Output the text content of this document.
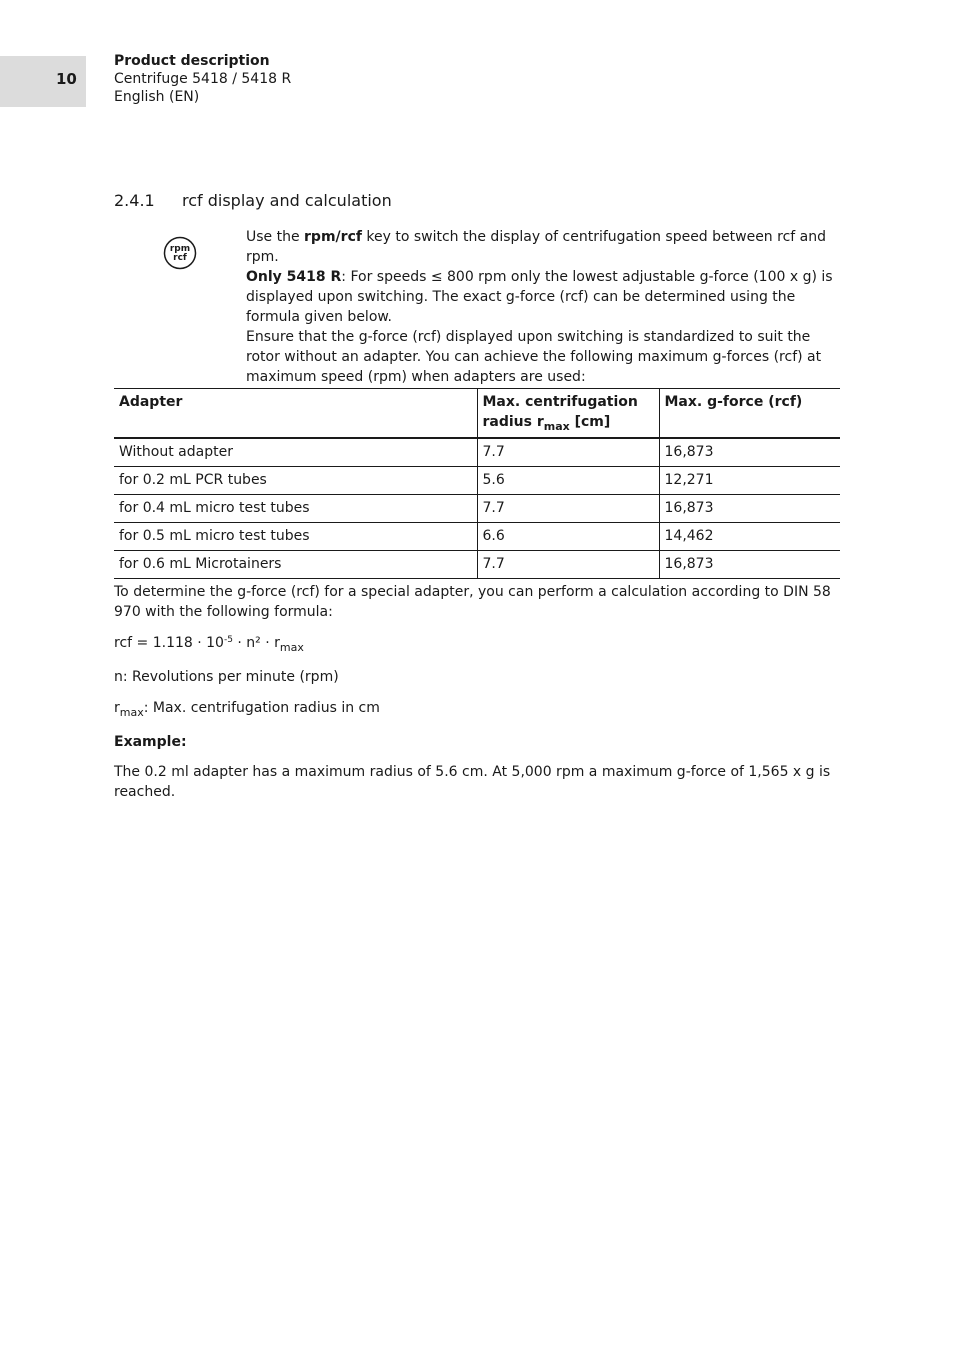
10
Product description
Centrifuge 5418 / 5418 R
English (EN)
2.4.1 rcf display and calculation
rpm
rcf

Use the rpm/rcf key to switch the display of centrifugation speed between rcf and rpm.

Only 5418 R: For speeds ≤ 800 rpm only the lowest adjustable g-force (100 x g) is displayed upon switching. The exact g-force (rcf) can be determined using the formula given below.

Ensure that the g-force (rcf) displayed upon switching is standardized to suit the rotor without an adapter. You can achieve the following maximum g-forces (rcf) at maximum speed (rpm) when adapters are used:

Adapter	Max. centrifugation radius $r_{max}$ [cm]	Max. g-force (rcf)
Without adapter	7.7	16,873
for 0.2 mL PCR tubes	5.6	12,271
for 0.4 mL micro test tubes	7.7	16,873
for 0.5 mL micro test tubes	6.6	14,462
for 0.6 mL Microtainers	7.7	16,873
To determine the g-force (rcf) for a special adapter, you can perform a calculation according to DIN 58 970 with the following formula:
rcf = $1.118 \cdot 10^{-5} \cdot n^2 \cdot r_{max}$
n: Revolutions per minute (rpm)
$r_{max}$: Max. centrifugation radius in cm
Example:
The 0.2 ml adapter has a maximum radius of 5.6 cm. At 5,000 rpm a maximum g-force of 1,565 x g is reached.
